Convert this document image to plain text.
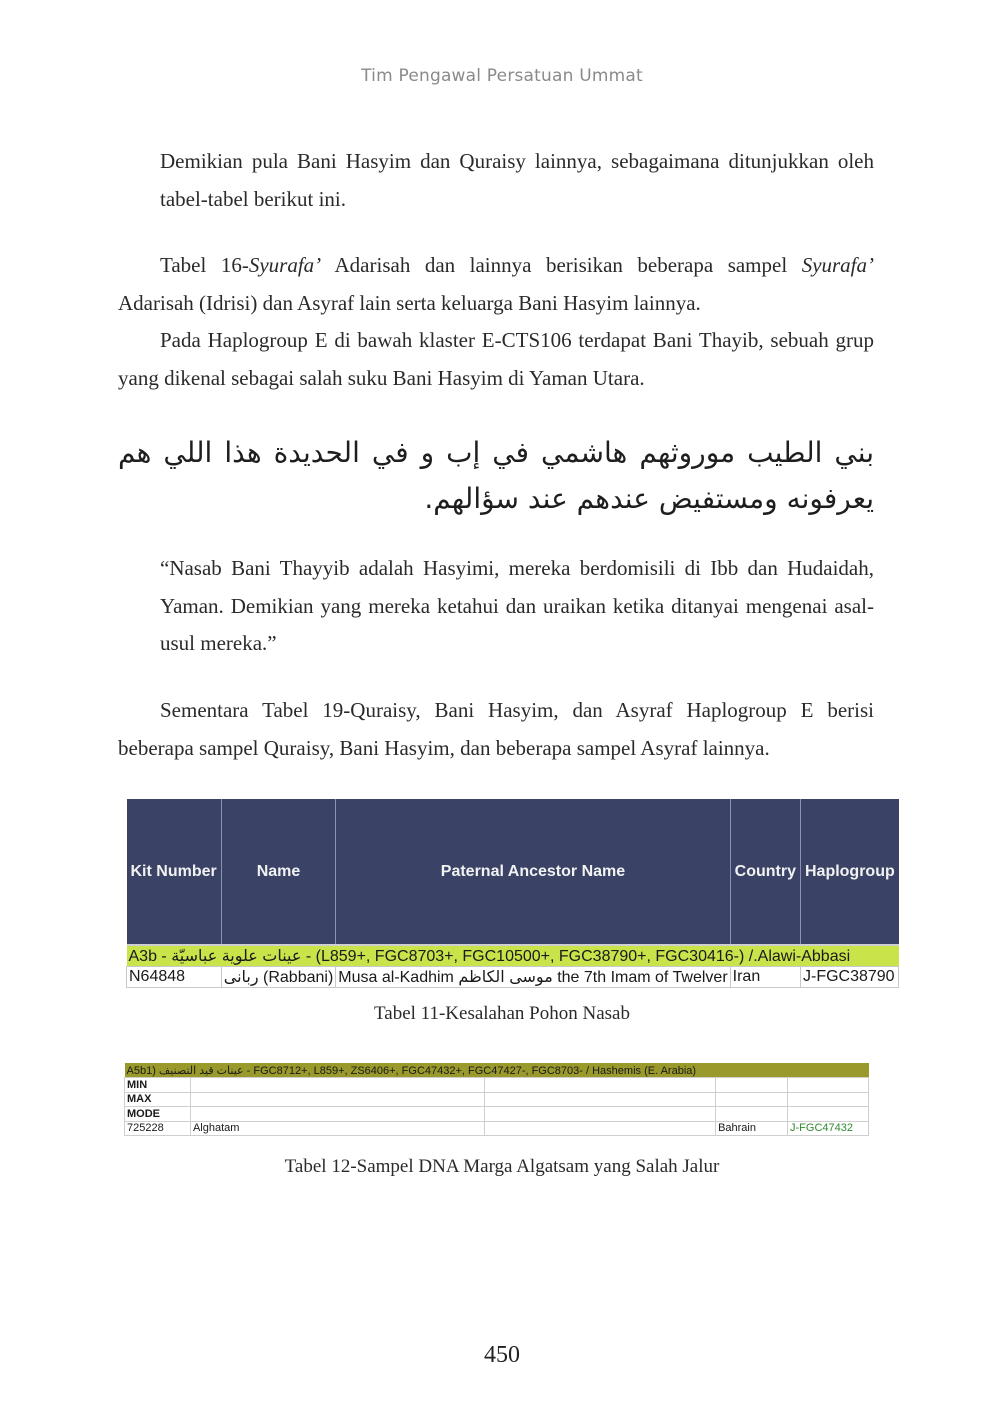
Tim Pengawal Persatuan Ummat

Demikian pula Bani Hasyim dan Quraisy lainnya, sebagaimana ditunjukkan oleh tabel-tabel berikut ini.

Tabel 16-Syurafa’ Adarisah dan lainnya berisikan beberapa sampel Syurafa’ Adarisah (Idrisi) dan Asyraf lain serta keluarga Bani Hasyim lainnya.

Pada Haplogroup E di bawah klaster E-CTS106 terdapat Bani Thayib, sebuah grup yang dikenal sebagai salah suku Bani Hasyim di Yaman Utara.

بني الطيب موروثهم هاشمي في إب و في الحديدة هذا اللي هم يعرفونه ومستفيض عندهم عند سؤالهم.

“Nasab Bani Thayyib adalah Hasyimi, mereka berdomisili di Ibb dan Hudaidah, Yaman. Demikian yang mereka ketahui dan uraikan ketika ditanyai mengenai asal-usul mereka.”

Sementara Tabel 19-Quraisy, Bani Hasyim, dan Asyraf Haplogroup E berisi beberapa sampel Quraisy, Bani Hasyim, dan beberapa sampel Asyraf lainnya.

Kit Number	Name	Paternal Ancestor Name	Country	Haplogroup
A3b - عينات علوية عباسيّة - (L859+, FGC8703+, FGC10500+, FGC38790+, FGC30416-) /.Alawi-Abbasi				
N64848	ربانى (Rabbani)	Musa al-Kadhim موسى الكاظم the 7th Imam of Twelver	Iran	J-FGC38790
Tabel 11-Kesalahan Pohon Nasab
A5b1) عينات قيد التصنيف - FGC8712+, L859+, ZS6406+, FGC47432+, FGC47427-, FGC8703- / Hashemis (E. Arabia)				
MIN				
MAX				
MODE				
725228	Alghatam		Bahrain	J-FGC47432
Tabel 12-Sampel DNA Marga Algatsam yang Salah Jalur
450
